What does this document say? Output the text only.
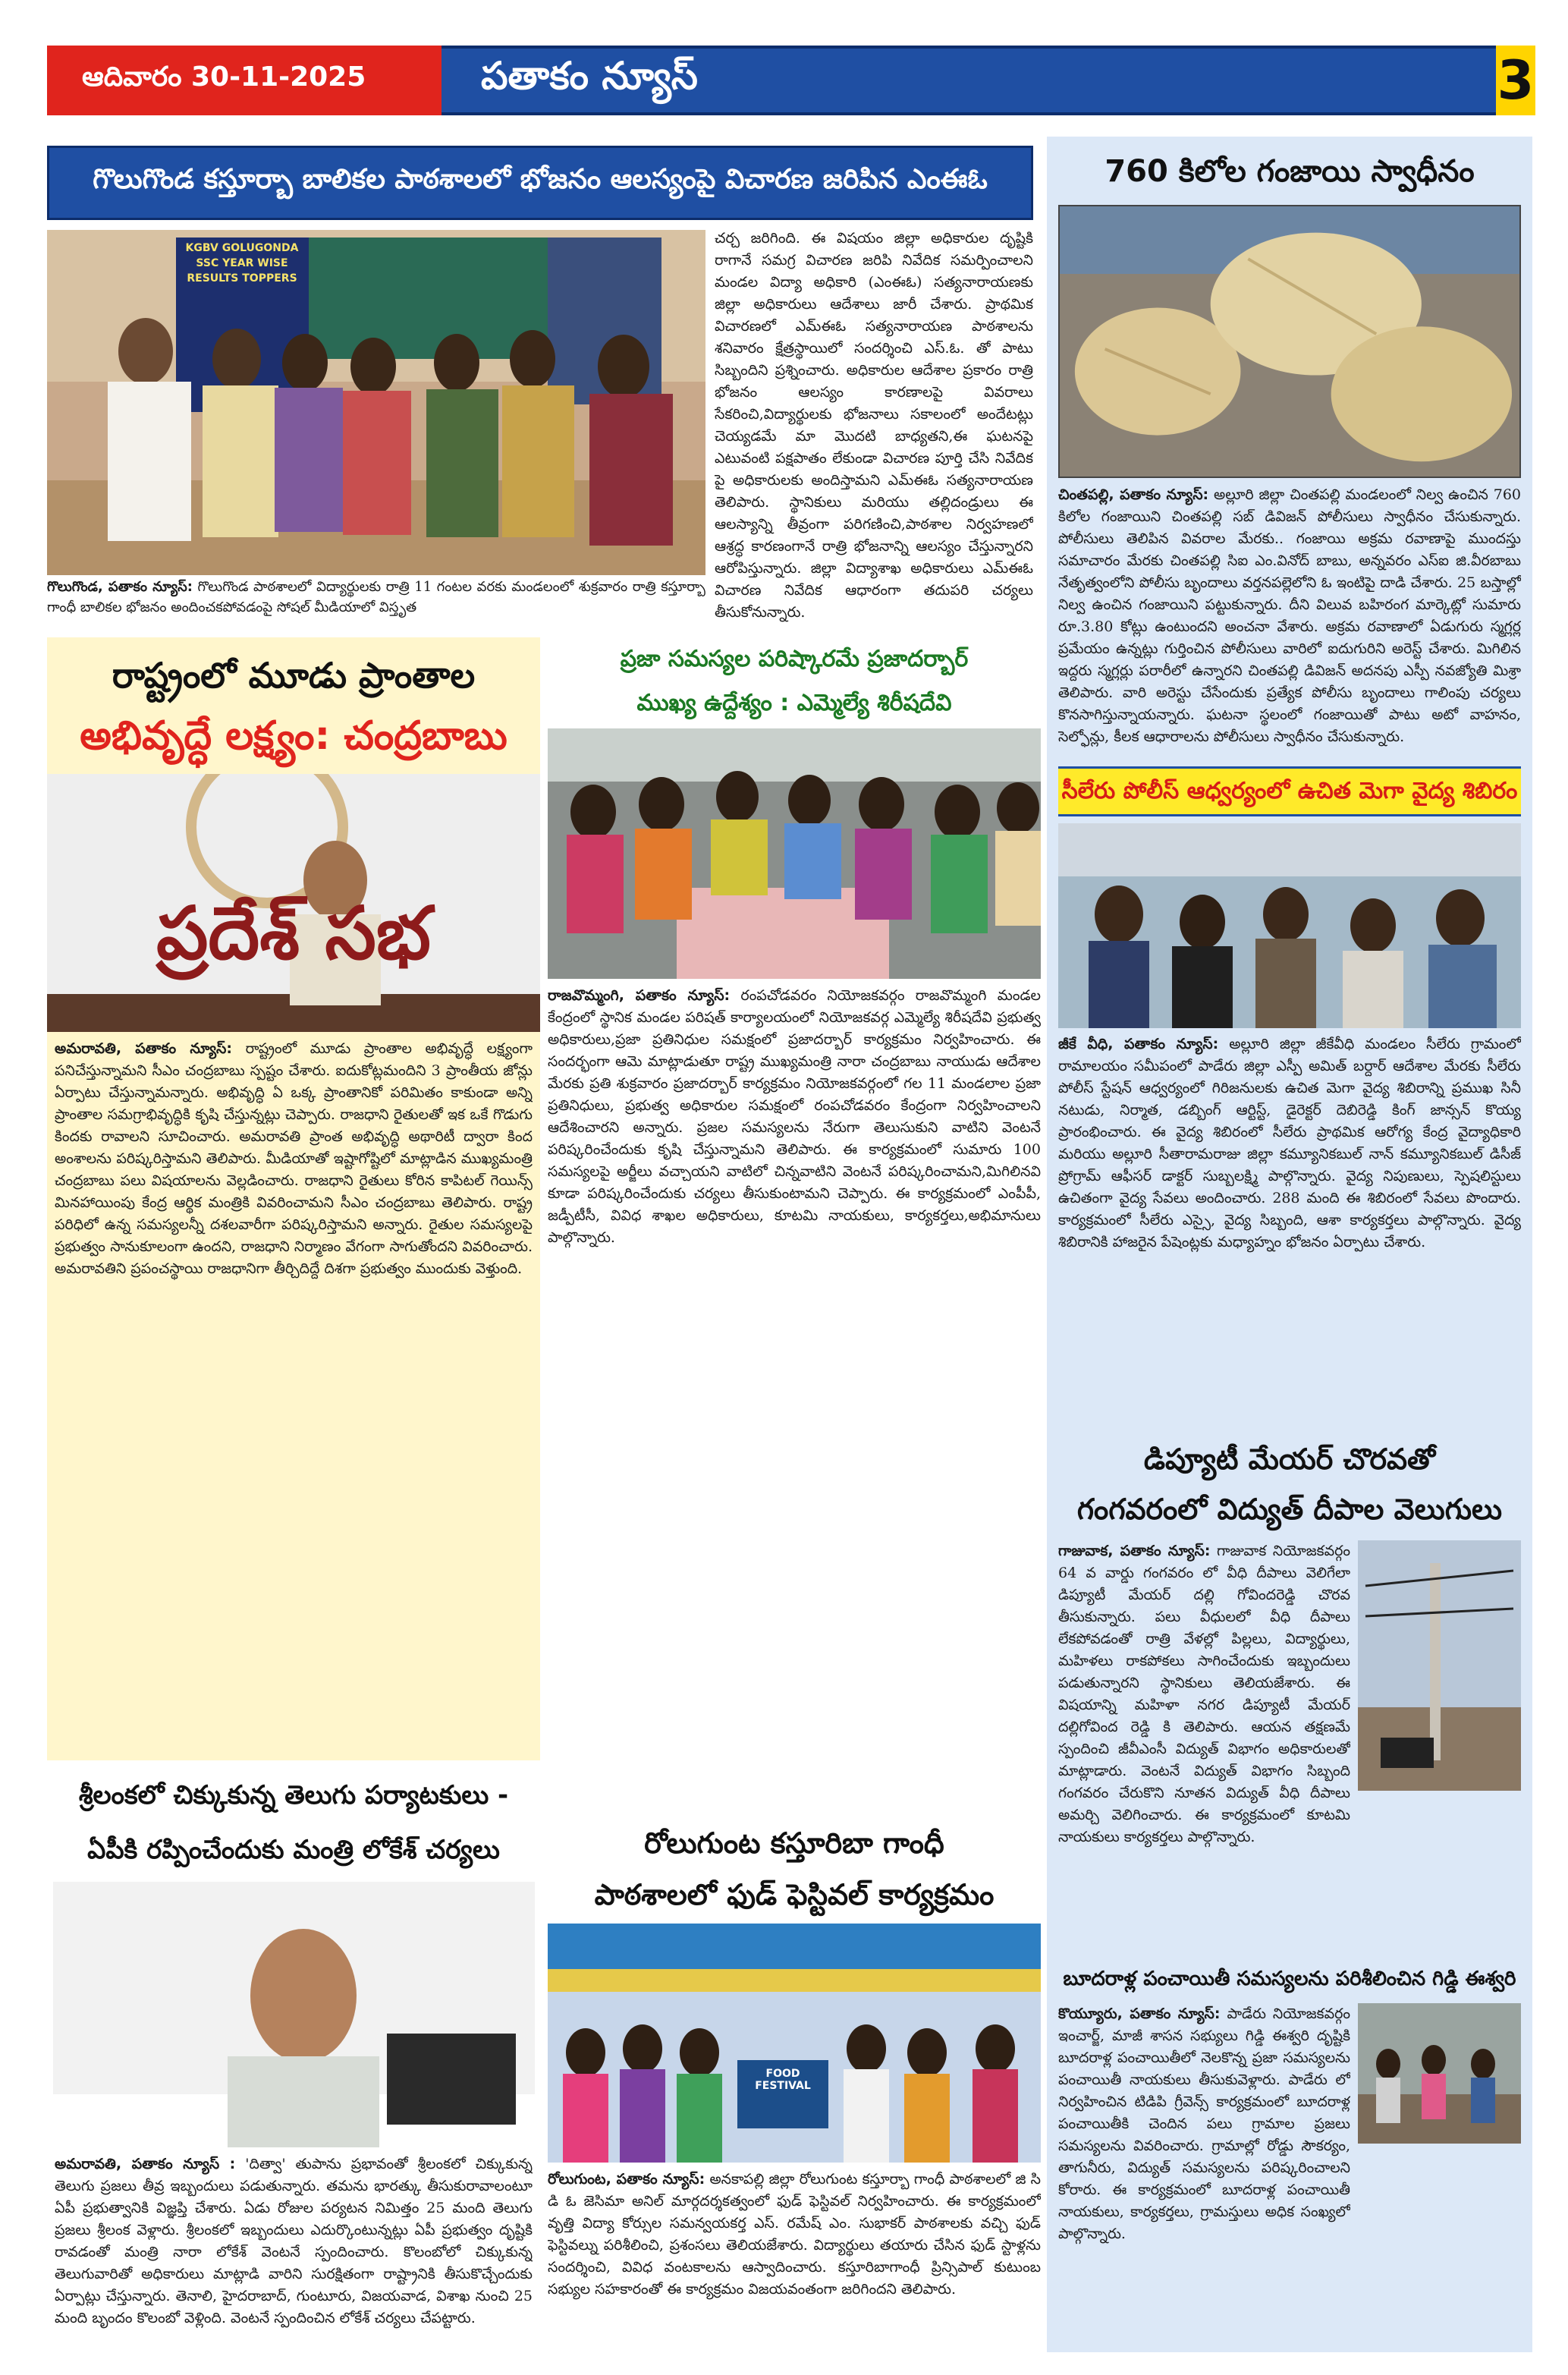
ఆదివారం 30-11-2025	పతాకం న్యూస్	3
గొలుగొండ కస్తూర్బా బాలికల పాఠశాలలో భోజనం ఆలస్యంపై విచారణ జరిపిన ఎంఈఓ
KGBV GOLUGONDA SSC YEAR WISE RESULTS TOPPERS
గొలుగొండ, పతాకం న్యూస్: గొలుగొండ పాఠశాలలో విద్యార్థులకు రాత్రి 11 గంటల వరకు మండలంలో శుక్రవారం రాత్రి కస్తూర్బా గాంధీ బాలికల భోజనం అందించకపోవడంపై సోషల్ మీడియాలో విస్తృత
చర్చ జరిగింది. ఈ విషయం జిల్లా అధికారుల దృష్టికి రాగానే సమగ్ర విచారణ జరిపి నివేదిక సమర్పించాలని మండల విద్యా అధికారి (ఎంఈఓ) సత్యనారాయణకు జిల్లా అధికారులు ఆదేశాలు జారీ చేశారు. ప్రాథమిక విచారణలో ఎమ్ఈఓ సత్యనారాయణ పాఠశాలను శనివారం క్షేత్రస్థాయిలో సందర్శించి ఎస్.ఓ. తో పాటు సిబ్బందిని ప్రశ్నించారు. అధికారుల ఆదేశాల ప్రకారం రాత్రి భోజనం ఆలస్యం కారణాలపై వివరాలు సేకరించి,విద్యార్థులకు భోజనాలు సకాలంలో అందేటట్లు చెయ్యడమే మా మొదటి బాధ్యతని,ఈ ఘటనపై ఎటువంటి పక్షపాతం లేకుండా విచారణ పూర్తి చేసి నివేదిక పై అధికారులకు అందిస్తామని ఎమ్ఈఓ సత్యనారాయణ తెలిపారు. స్థానికులు మరియు తల్లిదండ్రులు ఈ ఆలస్యాన్ని తీవ్రంగా పరిగణించి,పాఠశాల నిర్వహణలో ఆశ్రద్ధ కారణంగానే రాత్రి భోజనాన్ని ఆలస్యం చేస్తున్నారని ఆరోపిస్తున్నారు. జిల్లా విద్యాశాఖ అధికారులు ఎమ్ఈఓ విచారణ నివేదిక ఆధారంగా తదుపరి చర్యలు తీసుకోనున్నారు.
760 కిలోల గంజాయి స్వాధీనం
చింతపల్లి, పతాకం న్యూస్: అల్లూరి జిల్లా చింతపల్లి మండలంలో నిల్వ ఉంచిన 760 కిలోల గంజాయిని చింతపల్లి సబ్ డివిజన్ పోలీసులు స్వాధీనం చేసుకున్నారు. పోలీసులు తెలిపిన వివరాల మేరకు.. గంజాయి అక్రమ రవాణాపై ముందస్తు సమాచారం మేరకు చింతపల్లి సిఐ ఎం.వినోద్ బాబు, అన్నవరం ఎస్ఐ జి.వీరబాబు నేతృత్వంలోని పోలీసు బృందాలు వర్తనపల్లెలోని ఓ ఇంటిపై దాడి చేశారు. 25 బస్తాల్లో నిల్వ ఉంచిన గంజాయిని పట్టుకున్నారు. దీని విలువ బహిరంగ మార్కెట్లో సుమారు రూ.3.80 కోట్లు ఉంటుందని అంచనా వేశారు. అక్రమ రవాణాలో ఏడుగురు స్మగ్లర్ల ప్రమేయం ఉన్నట్లు గుర్తించిన పోలీసులు వారిలో ఐదుగురిని అరెస్ట్ చేశారు. మిగిలిన ఇద్దరు స్మగ్లర్లు పరారీలో ఉన్నారని చింతపల్లి డివిజన్ అదనపు ఎస్పీ నవజ్యోతి మిశ్రా తెలిపారు. వారి అరెస్టు చేసేందుకు ప్రత్యేక పోలీసు బృందాలు గాలింపు చర్యలు కొనసాగిస్తున్నాయన్నారు. ఘటనా స్థలంలో గంజాయితో పాటు అటో వాహనం, సెల్ఫోన్లు, కీలక ఆధారాలను పోలీసులు స్వాధీనం చేసుకున్నారు.
సీలేరు పోలీస్ ఆధ్వర్యంలో ఉచిత మెగా వైద్య శిబిరం
జీకే వీధి, పతాకం న్యూస్: అల్లూరి జిల్లా జీకేవీధి మండలం సీలేరు గ్రామంలో రామాలయం సమీపంలో పాడేరు జిల్లా ఎస్పీ అమిత్ బర్దార్ ఆదేశాల మేరకు సీలేరు పోలీస్ స్టేషన్ ఆధ్వర్యంలో గిరిజనులకు ఉచిత మెగా వైద్య శిబిరాన్ని ప్రముఖ సినీ నటుడు, నిర్మాత, డబ్బింగ్ ఆర్టిస్ట్, డైరెక్టర్ దెబిరెడ్డి కింగ్ జాన్సన్ కొయ్య ప్రారంభించారు. ఈ వైద్య శిబిరంలో సీలేరు ప్రాథమిక ఆరోగ్య కేంద్ర వైద్యాధికారి మరియు అల్లూరి సీతారామరాజు జిల్లా కమ్యూనికబుల్ నాన్ కమ్యూనికబుల్ డిసీజ్ ప్రోగ్రామ్ ఆఫీసర్ డాక్టర్ సుబ్బలక్ష్మి పాల్గొన్నారు. వైద్య నిపుణులు, స్పెషలిస్టులు ఉచితంగా వైద్య సేవలు అందించారు. 288 మంది ఈ శిబిరంలో సేవలు పొందారు. కార్యక్రమంలో సీలేరు ఎస్సై, వైద్య సిబ్బంది, ఆశా కార్యకర్తలు పాల్గొన్నారు. వైద్య శిబిరానికి హాజరైన పేషెంట్లకు మధ్యాహ్నం భోజనం ఏర్పాటు చేశారు.
రాష్ట్రంలో మూడు ప్రాంతాల
అభివృద్ధే లక్ష్యం: చంద్రబాబు
ప్రదేశ్ సభ
అమరావతి, పతాకం న్యూస్: రాష్ట్రంలో మూడు ప్రాంతాల అభివృద్ధే లక్ష్యంగా పనిచేస్తున్నామని సీఎం చంద్రబాబు స్పష్టం చేశారు. ఐదుకోట్లమందిని 3 ప్రాంతీయ జోన్లు ఏర్పాటు చేస్తున్నామన్నారు. అభివృద్ధి ఏ ఒక్క ప్రాంతానికో పరిమితం కాకుండా అన్ని ప్రాంతాల సమగ్రాభివృద్ధికి కృషి చేస్తున్నట్లు చెప్పారు. రాజధాని రైతులతో ఇక ఒకే గొడుగు కిందకు రావాలని సూచించారు. అమరావతి ప్రాంత అభివృద్ధి అథారిటీ ద్వారా కింద అంశాలను పరిష్కరిస్తామని తెలిపారు. మీడియాతో ఇష్టాగోష్టిలో మాట్లాడిన ముఖ్యమంత్రి చంద్రబాబు పలు విషయాలను వెల్లడించారు. రాజధాని రైతులు కోరిన కాపిటల్ గెయిన్స్ మినహాయింపు కేంద్ర ఆర్థిక మంత్రికి వివరించామని సీఎం చంద్రబాబు తెలిపారు. రాష్ట్ర పరిధిలో ఉన్న సమస్యలన్నీ దశలవారీగా పరిష్కరిస్తామని అన్నారు. రైతుల సమస్యలపై ప్రభుత్వం సానుకూలంగా ఉందని, రాజధాని నిర్మాణం వేగంగా సాగుతోందని వివరించారు. అమరావతిని ప్రపంచస్థాయి రాజధానిగా తీర్చిదిద్దే దిశగా ప్రభుత్వం ముందుకు వెళ్తుంది.
శ్రీలంకలో చిక్కుకున్న తెలుగు పర్యాటకులు -
ఏపీకి రప్పించేందుకు మంత్రి లోకేశ్ చర్యలు
అమరావతి, పతాకం న్యూస్ : 'దిత్వా' తుపాను ప్రభావంతో శ్రీలంకలో చిక్కుకున్న తెలుగు ప్రజలు తీవ్ర ఇబ్బందులు పడుతున్నారు. తమను భారత్కు తీసుకురావాలంటూ ఏపీ ప్రభుత్వానికి విజ్ఞప్తి చేశారు. ఏడు రోజుల పర్యటన నిమిత్తం 25 మంది తెలుగు ప్రజలు శ్రీలంక వెళ్లారు. శ్రీలంకలో ఇబ్బందులు ఎదుర్కొంటున్నట్లు ఏపీ ప్రభుత్వం దృష్టికి రావడంతో మంత్రి నారా లోకేశ్ వెంటనే స్పందించారు. కొలంబోలో చిక్కుకున్న తెలుగువారితో అధికారులు మాట్లాడి వారిని సురక్షితంగా రాష్ట్రానికి తీసుకొచ్చేందుకు ఏర్పాట్లు చేస్తున్నారు. తెనాలి, హైదరాబాద్, గుంటూరు, విజయవాడ, విశాఖ నుంచి 25 మంది బృందం కొలంబో వెళ్లింది. వెంటనే స్పందించిన లోకేశ్ చర్యలు చేపట్టారు.
ప్రజా సమస్యల పరిష్కారమే ప్రజాదర్బార్
ముఖ్య ఉద్దేశ్యం : ఎమ్మెల్యే శిరీషదేవి
రాజవొమ్మంగి, పతాకం న్యూస్: రంపచోడవరం నియోజకవర్గం రాజవొమ్మంగి మండల కేంద్రంలో స్థానిక మండల పరిషత్ కార్యాలయంలో నియోజకవర్గ ఎమ్మెల్యే శిరీషదేవి ప్రభుత్వ అధికారులు,ప్రజా ప్రతినిధుల సమక్షంలో ప్రజాదర్బార్ కార్యక్రమం నిర్వహించారు. ఈ సందర్భంగా ఆమె మాట్లాడుతూ రాష్ట్ర ముఖ్యమంత్రి నారా చంద్రబాబు నాయుడు ఆదేశాల మేరకు ప్రతి శుక్రవారం ప్రజాదర్బార్ కార్యక్రమం నియోజకవర్గంలో గల 11 మండలాల ప్రజా ప్రతినిధులు, ప్రభుత్వ అధికారుల సమక్షంలో రంపచోడవరం కేంద్రంగా నిర్వహించాలని ఆదేశించారని అన్నారు. ప్రజల సమస్యలను నేరుగా తెలుసుకుని వాటిని వెంటనే పరిష్కరించేందుకు కృషి చేస్తున్నామని తెలిపారు. ఈ కార్యక్రమంలో సుమారు 100 సమస్యలపై అర్జీలు వచ్చాయని వాటిలో చిన్నవాటిని వెంటనే పరిష్కరించామని,మిగిలినవి కూడా పరిష్కరించేందుకు చర్యలు తీసుకుంటామని చెప్పారు. ఈ కార్యక్రమంలో ఎంపీపీ, జడ్పీటీసీ, వివిధ శాఖల అధికారులు, కూటమి నాయకులు, కార్యకర్తలు,అభిమానులు పాల్గొన్నారు.
రోలుగుంట కస్తూరిబా గాంధీ
పాఠశాలలో ఫుడ్ ఫెస్టివల్ కార్యక్రమం
FOOD FESTIVAL
రోలుగుంట, పతాకం న్యూస్: అనకాపల్లి జిల్లా రోలుగుంట కస్తూర్బా గాంధీ పాఠశాలలో జి సి డి ఓ జెసిమా అనిల్ మార్గదర్శకత్వంలో ఫుడ్ ఫెస్టివల్ నిర్వహించారు. ఈ కార్యక్రమంలో వృత్తి విద్యా కోర్సుల సమన్వయకర్త ఎస్. రమేష్ ఎం. సుభాకర్ పాఠశాలకు వచ్చి ఫుడ్ ఫెస్టివల్ను పరిశీలించి, ప్రశంసలు తెలియజేశారు. విద్యార్థులు తయారు చేసిన ఫుడ్ స్టాళ్లను సందర్శించి, వివిధ వంటకాలను ఆస్వాదించారు. కస్తూరిబాగాంధీ ప్రిన్సిపాల్ కుటుంబ సభ్యుల సహకారంతో ఈ కార్యక్రమం విజయవంతంగా జరిగిందని తెలిపారు.
డిప్యూటీ మేయర్ చొరవతో
గంగవరంలో విద్యుత్ దీపాల వెలుగులు
గాజువాక, పతాకం న్యూస్: గాజువాక నియోజకవర్గం 64 వ వార్డు గంగవరం లో వీధి దీపాలు వెలిగేలా డిప్యూటీ మేయర్ దల్లి గోవిందరెడ్డి చొరవ తీసుకున్నారు. పలు వీధులలో వీధి దీపాలు లేకపోవడంతో రాత్రి వేళల్లో పిల్లలు, విద్యార్థులు, మహిళలు రాకపోకలు సాగించేందుకు ఇబ్బందులు పడుతున్నారని స్థానికులు తెలియజేశారు. ఈ విషయాన్ని మహిళా నగర డిప్యూటీ మేయర్ దల్లిగోవింద రెడ్డి కి తెలిపారు. ఆయన తక్షణమే స్పందించి జీవీఎంసీ విద్యుత్ విభాగం అధికారులతో మాట్లాడారు. వెంటనే విద్యుత్ విభాగం సిబ్బంది గంగవరం చేరుకొని నూతన విద్యుత్ వీధి దీపాలు అమర్చి వెలిగించారు. ఈ కార్యక్రమంలో కూటమి నాయకులు కార్యకర్తలు పాల్గొన్నారు.
బూదరాళ్ల పంచాయితీ సమస్యలను పరిశీలించిన గిడ్డి ఈశ్వరి
కొయ్యూరు, పతాకం న్యూస్: పాడేరు నియోజకవర్గం ఇంచార్జ్, మాజీ శాసన సభ్యులు గిడ్డి ఈశ్వరి దృష్టికి బూదరాళ్ల పంచాయితీలో నెలకొన్న ప్రజా సమస్యలను పంచాయితీ నాయకులు తీసుకువెళ్లారు. పాడేరు లో నిర్వహించిన టిడిపి గ్రీవెన్స్ కార్యక్రమంలో బూదరాళ్ల పంచాయితీకి చెందిన పలు గ్రామాల ప్రజలు సమస్యలను వివరించారు. గ్రామాల్లో రోడ్డు సౌకర్యం, తాగునీరు, విద్యుత్ సమస్యలను పరిష్కరించాలని కోరారు. ఈ కార్యక్రమంలో బూదరాళ్ల పంచాయితీ నాయకులు, కార్యకర్తలు, గ్రామస్తులు అధిక సంఖ్యలో పాల్గొన్నారు.
